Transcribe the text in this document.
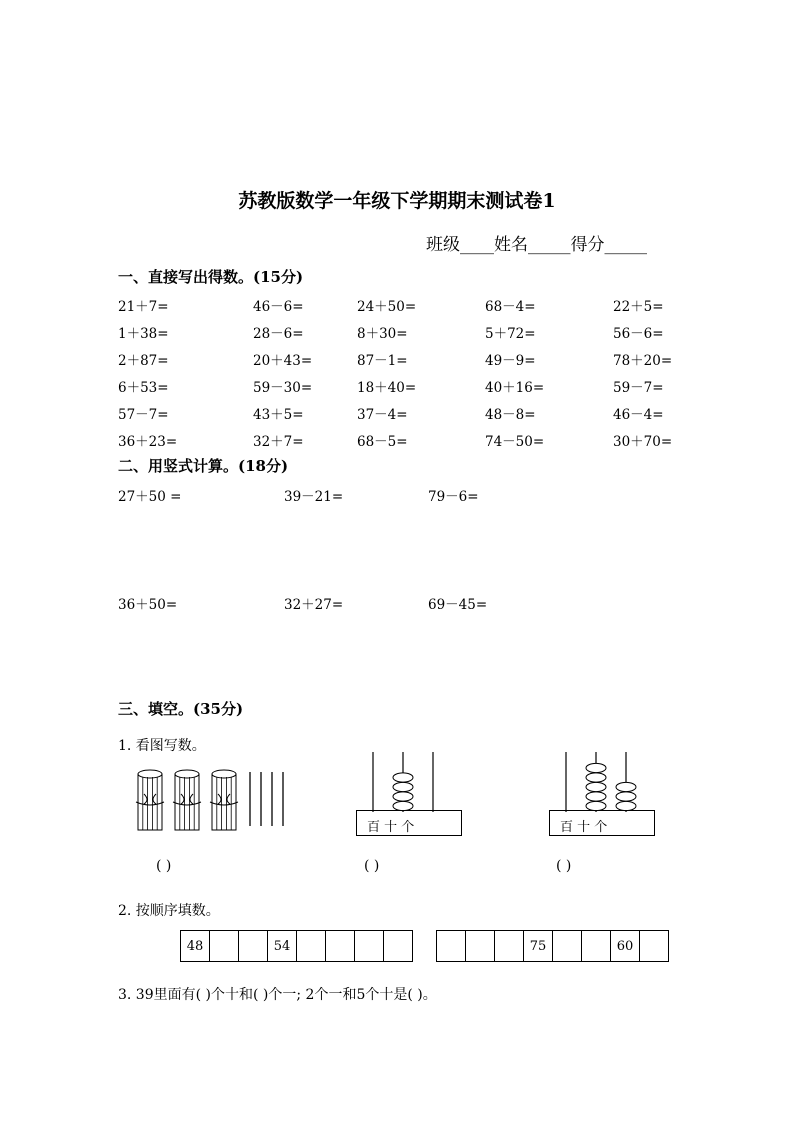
苏教版数学一年级下学期期末测试卷1
班级____姓名_____得分_____
一、直接写出得数。(15分)
21＋7=	46－6=	24＋50=	68－4=	22＋5=
1＋38=	28－6=	8＋30=	5＋72=	56－6=
2＋87=	20＋43=	87－1=	49－9=	78＋20=
6＋53=	59－30=	18＋40=	40＋16=	59－7=
57－7=	43＋5=	37－4=	48－8=	46－4=
36＋23=	32＋7=	68－5=	74－50=	30＋70=
二、用竖式计算。(18分)
27＋50 =	39－21=	79－6=
36＋50=	32＋27=	69－45=
三、填空。(35分)
1. 看图写数。
百 十 个	百 十 个
( )	( )	( )
2. 按顺序填数。
48			54				
				75			60	
3. 39里面有( )个十和( )个一; 2个一和5个十是( )。
